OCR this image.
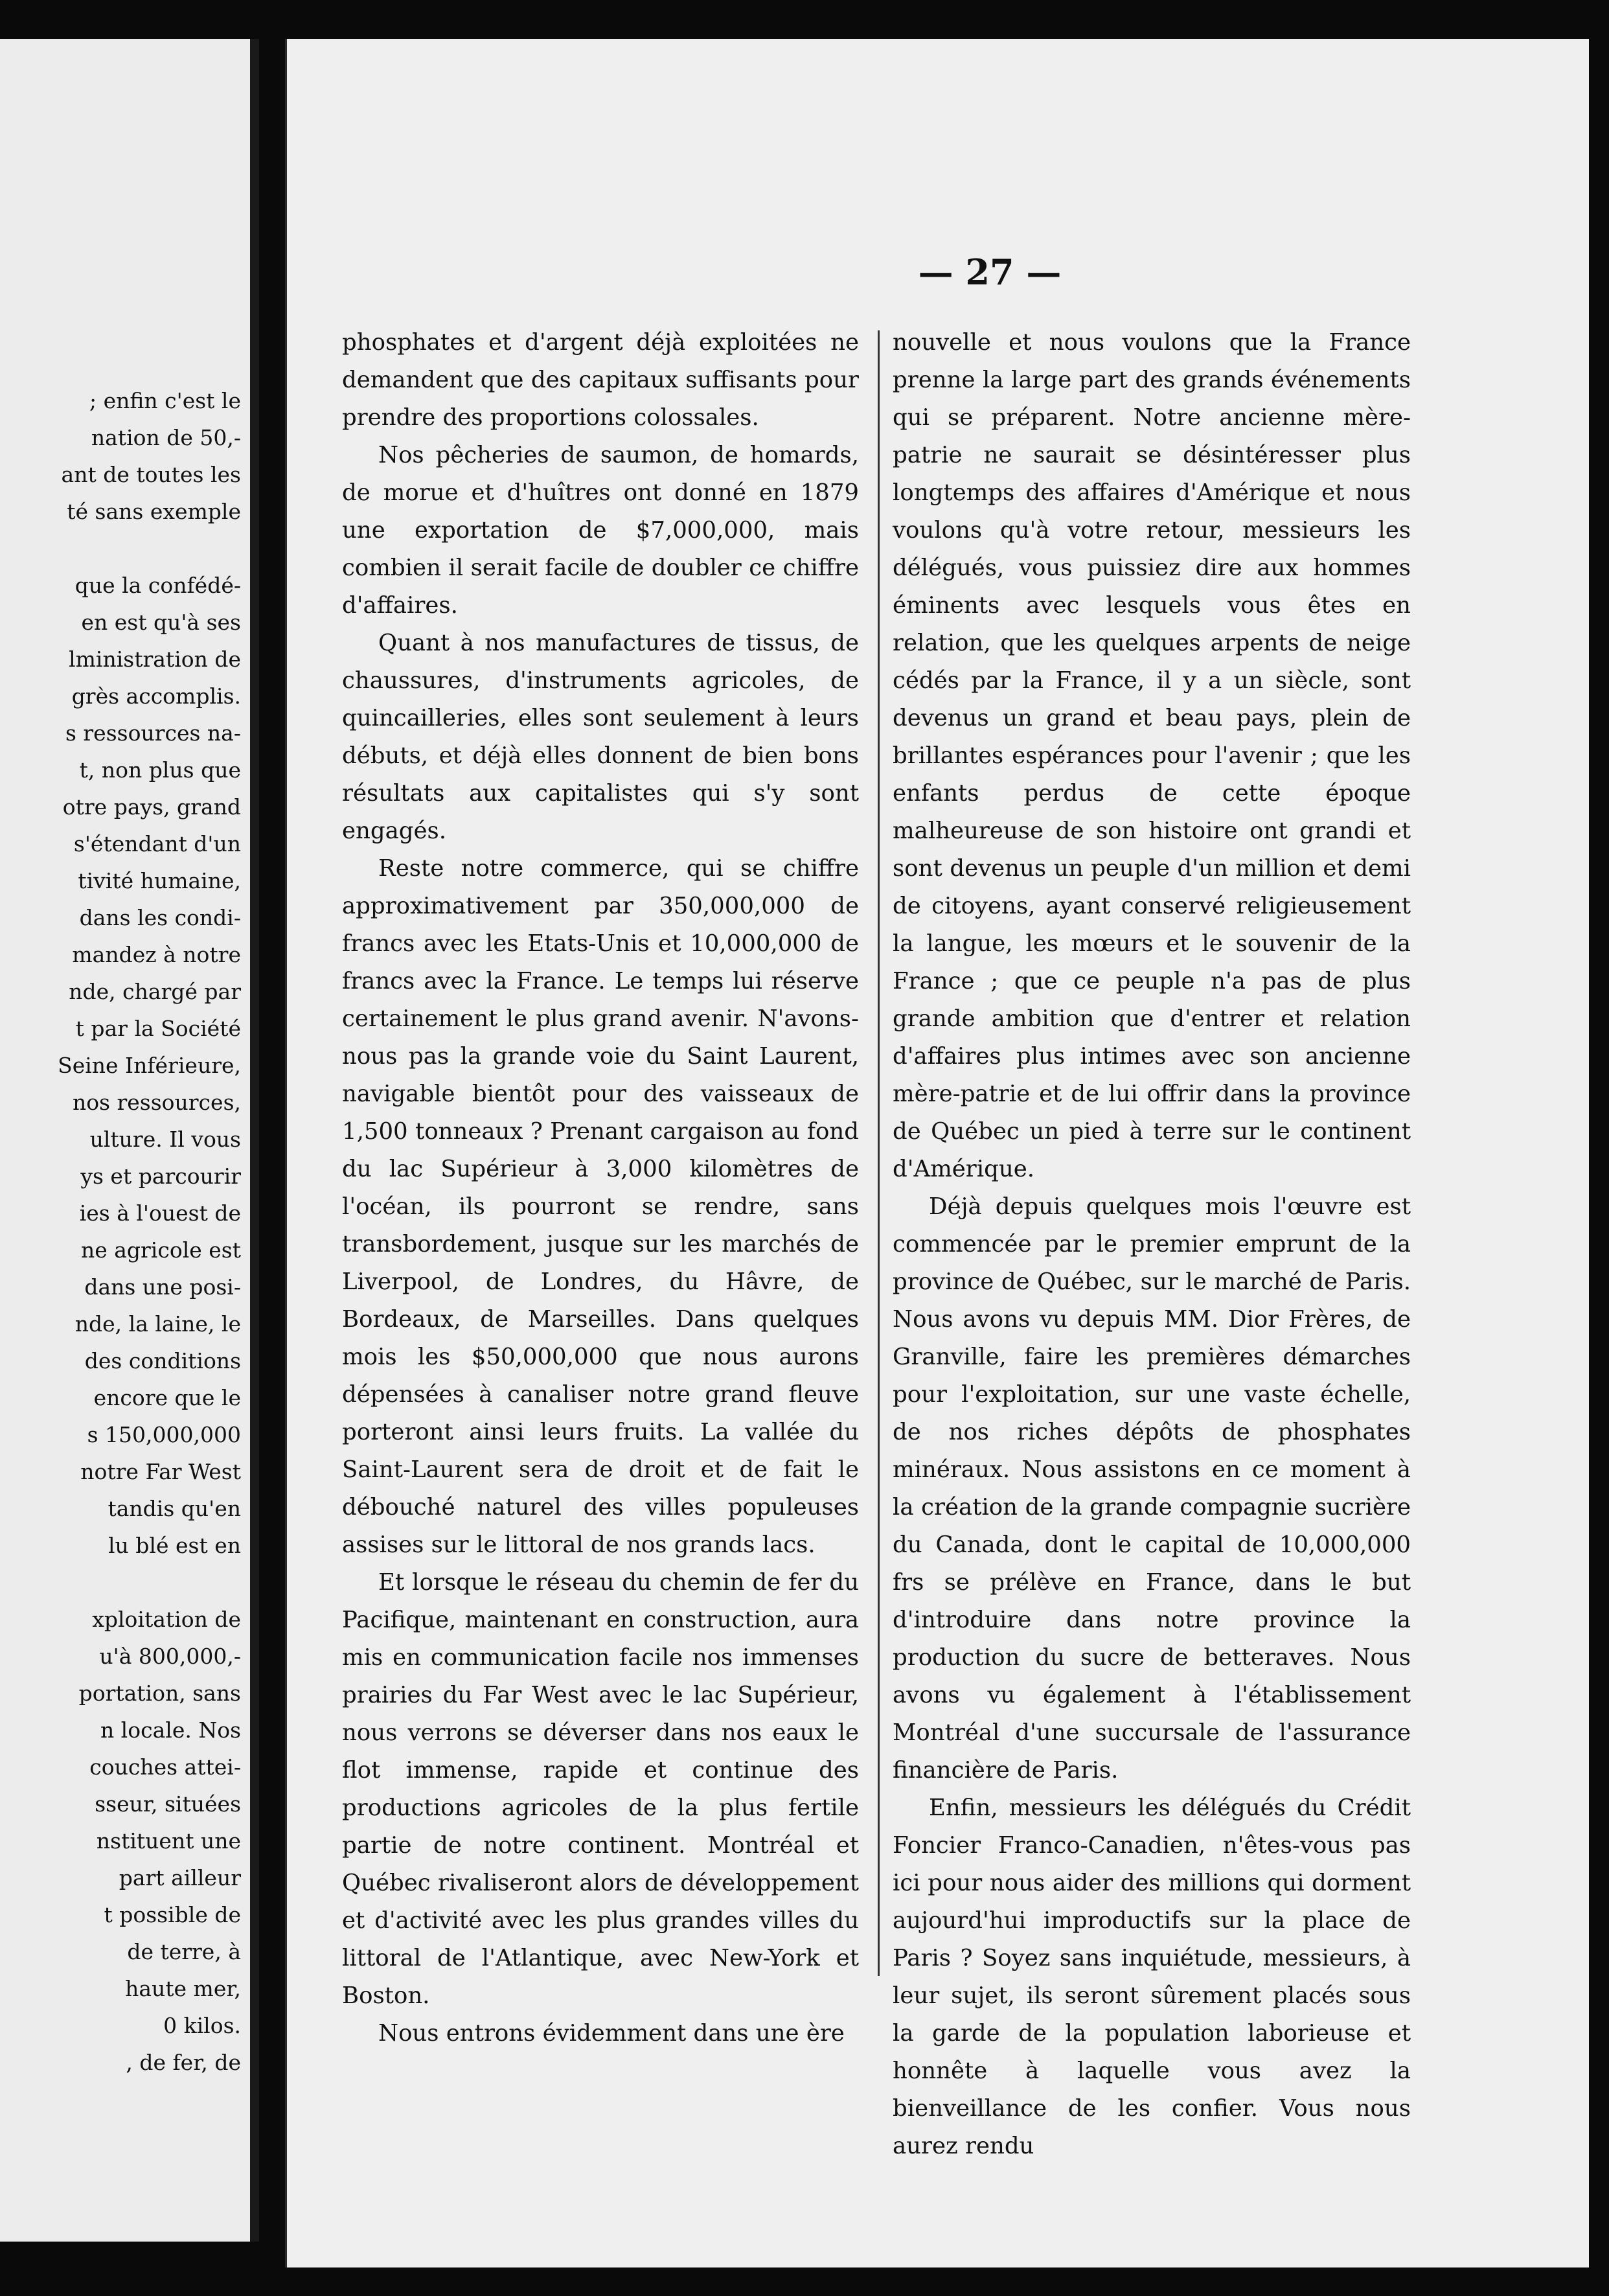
; enfin c'est le
nation de 50,-
ant de toutes les
té sans exemple
que la confédé-
en est qu'à ses
lministration de
grès accomplis.
s ressources na-
t, non plus que
otre pays, grand
s'étendant d'un
tivité humaine,
dans les condi-
mandez à notre
nde, chargé par
t par la Société
Seine Inférieure,
nos ressources,
ulture. Il vous
ys et parcourir
ies à l'ouest de
ne agricole est
dans une posi-
nde, la laine, le
des conditions
encore que le
s 150,000,000
notre Far West
tandis qu'en
lu blé est en
xploitation de
u'à 800,000,-
portation, sans
n locale. Nos
couches attei-
sseur, situées
nstituent une
part ailleur
t possible de
de terre, à
haute mer,
0 kilos.
, de fer, de
— 27 —

phosphates et d'argent déjà exploitées ne demandent que des capitaux suffisants pour prendre des proportions colossales.

Nos pêcheries de saumon, de homards, de morue et d'huîtres ont donné en 1879 une exportation de $7,000,000, mais combien il serait facile de doubler ce chiffre d'affaires.

Quant à nos manufactures de tissus, de chaussures, d'instruments agricoles, de quincailleries, elles sont seulement à leurs débuts, et déjà elles donnent de bien bons résultats aux capitalistes qui s'y sont engagés.

Reste notre commerce, qui se chiffre approximativement par 350,000,000 de francs avec les Etats-Unis et 10,000,000 de francs avec la France. Le temps lui réserve certainement le plus grand avenir. N'avons-nous pas la grande voie du Saint Laurent, navigable bientôt pour des vaisseaux de 1,500 tonneaux ? Prenant cargaison au fond du lac Supérieur à 3,000 kilomètres de l'océan, ils pourront se rendre, sans transbordement, jusque sur les marchés de Liverpool, de Londres, du Hâvre, de Bordeaux, de Marseilles. Dans quelques mois les $50,000,000 que nous aurons dépensées à canaliser notre grand fleuve porteront ainsi leurs fruits. La vallée du Saint-Laurent sera de droit et de fait le débouché naturel des villes populeuses assises sur le littoral de nos grands lacs.

Et lorsque le réseau du chemin de fer du Pacifique, maintenant en construction, aura mis en communication facile nos immenses prairies du Far West avec le lac Supérieur, nous verrons se déverser dans nos eaux le flot immense, rapide et continue des productions agricoles de la plus fertile partie de notre continent. Montréal et Québec rivaliseront alors de développement et d'activité avec les plus grandes villes du littoral de l'Atlantique, avec New-York et Boston.

Nous entrons évidemment dans une ère

nouvelle et nous voulons que la France prenne la large part des grands événements qui se préparent. Notre ancienne mère-patrie ne saurait se désintéresser plus longtemps des affaires d'Amérique et nous voulons qu'à votre retour, messieurs les délégués, vous puissiez dire aux hommes éminents avec lesquels vous êtes en relation, que les quelques arpents de neige cédés par la France, il y a un siècle, sont devenus un grand et beau pays, plein de brillantes espérances pour l'avenir ; que les enfants perdus de cette époque malheureuse de son histoire ont grandi et sont devenus un peuple d'un million et demi de citoyens, ayant conservé religieusement la langue, les mœurs et le souvenir de la France ; que ce peuple n'a pas de plus grande ambition que d'entrer et relation d'affaires plus intimes avec son ancienne mère-patrie et de lui offrir dans la province de Québec un pied à terre sur le continent d'Amérique.

Déjà depuis quelques mois l'œuvre est commencée par le premier emprunt de la province de Québec, sur le marché de Paris. Nous avons vu depuis MM. Dior Frères, de Granville, faire les premières démarches pour l'exploitation, sur une vaste échelle, de nos riches dépôts de phosphates minéraux. Nous assistons en ce moment à la création de la grande compagnie sucrière du Canada, dont le capital de 10,000,000 frs se prélève en France, dans le but d'introduire dans notre province la production du sucre de betteraves. Nous avons vu également à l'établissement Montréal d'une succursale de l'assurance financière de Paris.

Enfin, messieurs les délégués du Crédit Foncier Franco-Canadien, n'êtes-vous pas ici pour nous aider des millions qui dorment aujourd'hui improductifs sur la place de Paris ? Soyez sans inquiétude, messieurs, à leur sujet, ils seront sûrement placés sous la garde de la population laborieuse et honnête à laquelle vous avez la bienveillance de les confier. Vous nous aurez rendu
